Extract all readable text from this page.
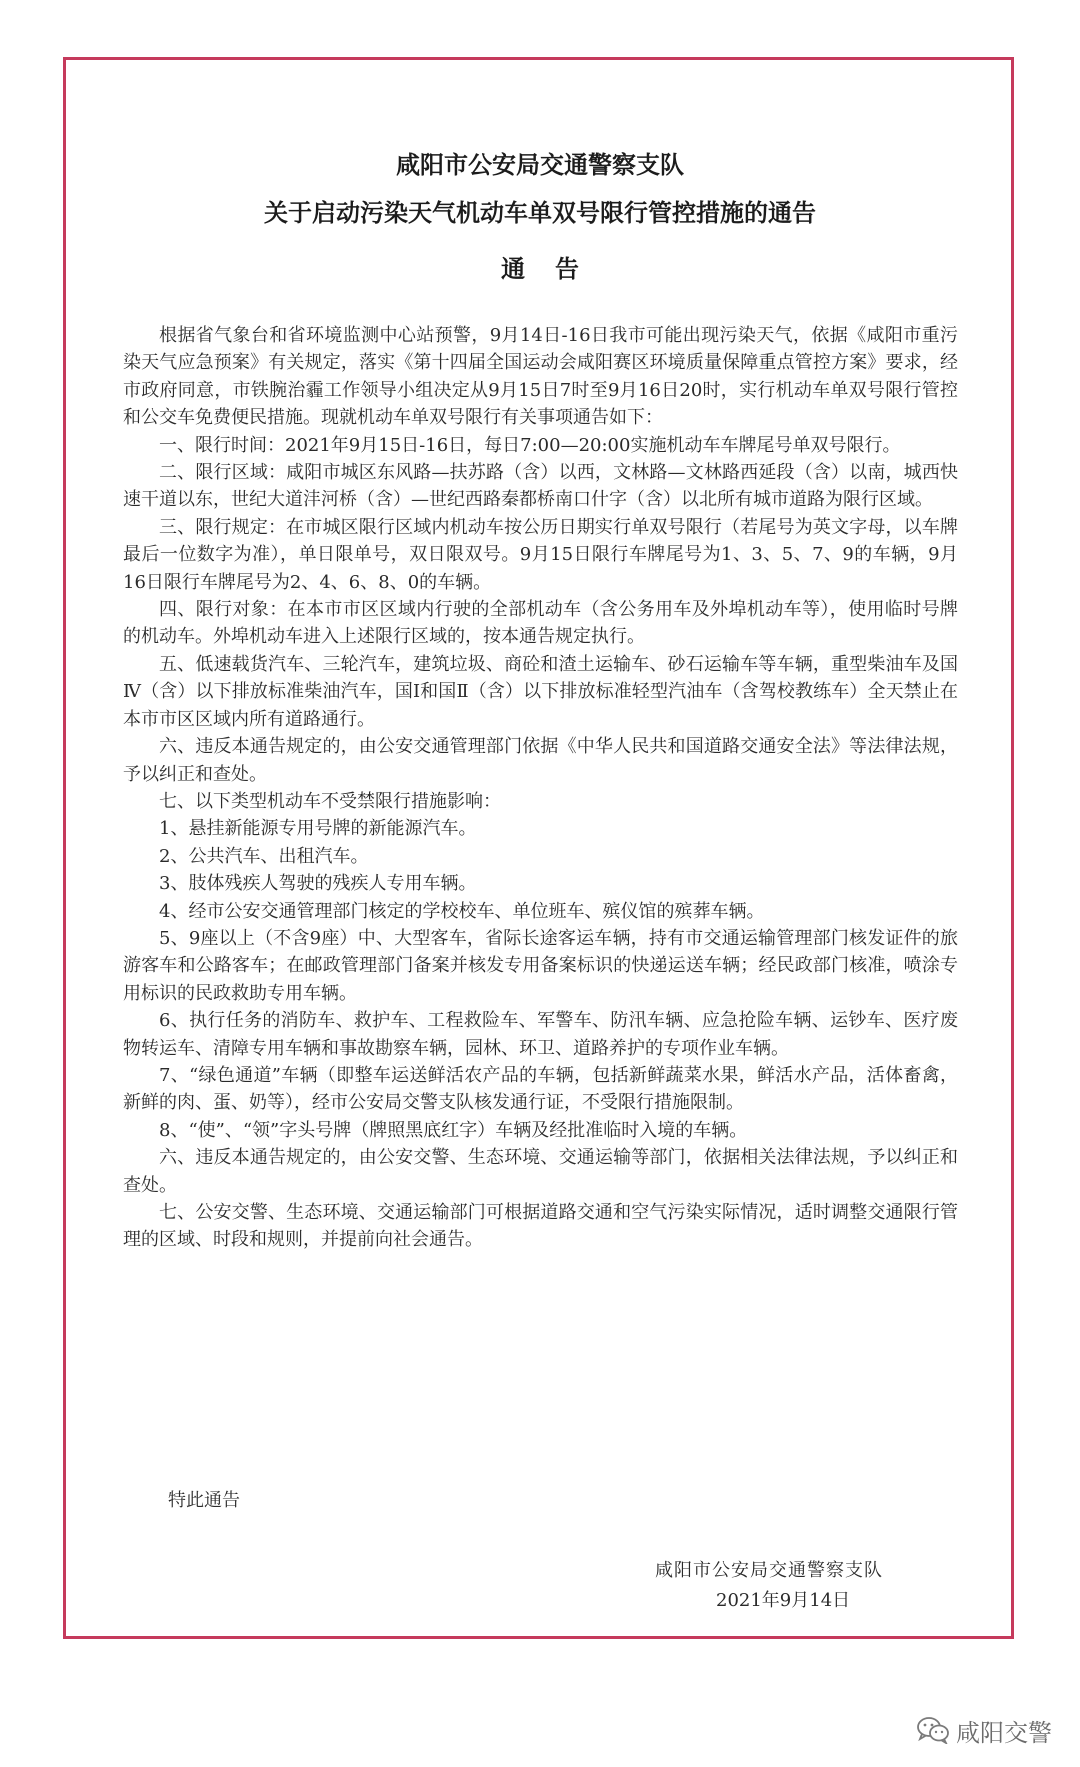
咸阳市公安局交通警察支队
关于启动污染天气机动车单双号限行管控措施的通告
通告

根据省气象台和省环境监测中心站预警，9月14日-16日我市可能出现污染天气，依据《咸阳市重污染天气应急预案》有关规定，落实《第十四届全国运动会咸阳赛区环境质量保障重点管控方案》要求，经市政府同意，市铁腕治霾工作领导小组决定从9月15日7时至9月16日20时，实行机动车单双号限行管控和公交车免费便民措施。现就机动车单双号限行有关事项通告如下：

一、限行时间：2021年9月15日-16日，每日7:00—20:00实施机动车车牌尾号单双号限行。

二、限行区域：咸阳市城区东风路—扶苏路（含）以西，文林路—文林路西延段（含）以南，城西快速干道以东，世纪大道沣河桥（含）—世纪西路秦都桥南口什字（含）以北所有城市道路为限行区域。

三、限行规定：在市城区限行区域内机动车按公历日期实行单双号限行（若尾号为英文字母，以车牌最后一位数字为准），单日限单号，双日限双号。9月15日限行车牌尾号为1、3、5、7、9的车辆，9月16日限行车牌尾号为2、4、6、8、0的车辆。

四、限行对象：在本市市区区域内行驶的全部机动车（含公务用车及外埠机动车等），使用临时号牌的机动车。外埠机动车进入上述限行区域的，按本通告规定执行。

五、低速载货汽车、三轮汽车，建筑垃圾、商砼和渣土运输车、砂石运输车等车辆，重型柴油车及国Ⅳ（含）以下排放标准柴油汽车，国Ⅰ和国Ⅱ（含）以下排放标准轻型汽油车（含驾校教练车）全天禁止在本市市区区域内所有道路通行。

六、违反本通告规定的，由公安交通管理部门依据《中华人民共和国道路交通安全法》等法律法规，予以纠正和查处。

七、以下类型机动车不受禁限行措施影响：

1、悬挂新能源专用号牌的新能源汽车。

2、公共汽车、出租汽车。

3、肢体残疾人驾驶的残疾人专用车辆。

4、经市公安交通管理部门核定的学校校车、单位班车、殡仪馆的殡葬车辆。

5、9座以上（不含9座）中、大型客车，省际长途客运车辆，持有市交通运输管理部门核发证件的旅游客车和公路客车；在邮政管理部门备案并核发专用备案标识的快递运送车辆；经民政部门核准，喷涂专用标识的民政救助专用车辆。

6、执行任务的消防车、救护车、工程救险车、军警车、防汛车辆、应急抢险车辆、运钞车、医疗废物转运车、清障专用车辆和事故勘察车辆，园林、环卫、道路养护的专项作业车辆。

7、“绿色通道”车辆（即整车运送鲜活农产品的车辆，包括新鲜蔬菜水果，鲜活水产品，活体畜禽，新鲜的肉、蛋、奶等），经市公安局交警支队核发通行证，不受限行措施限制。

8、“使”、“领”字头号牌（牌照黑底红字）车辆及经批准临时入境的车辆。

六、违反本通告规定的，由公安交警、生态环境、交通运输等部门，依据相关法律法规，予以纠正和查处。

七、公安交警、生态环境、交通运输部门可根据道路交通和空气污染实际情况，适时调整交通限行管理的区域、时段和规则，并提前向社会通告。

特此通告
咸阳市公安局交通警察支队
2021年9月14日
咸阳交警
